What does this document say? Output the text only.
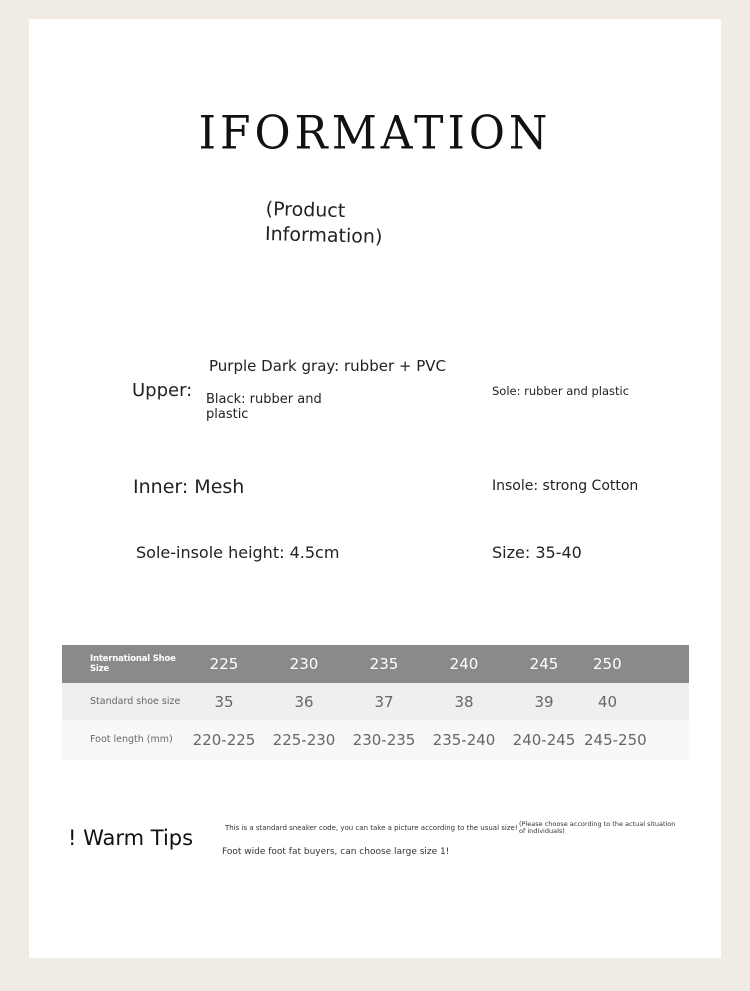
IFORMATION
(Product Information)
Upper:
Purple Dark gray: rubber + PVC
Black: rubber and plastic
Sole: rubber and plastic
Inner: Mesh	Insole: strong Cotton
Sole-insole height: 4.5cm	Size: 35-40
International Shoe Size	225	230	235	240	245	250
Standard shoe size	35	36	37	38	39	40
Foot length (mm)	220-225	225-230	230-235	235-240	240-245	245-250
! Warm Tips	This is a standard sneaker code, you can take a picture according to the usual size! (Please choose according to the actual situation of individuals)
Foot wide foot fat buyers, can choose large size 1!
